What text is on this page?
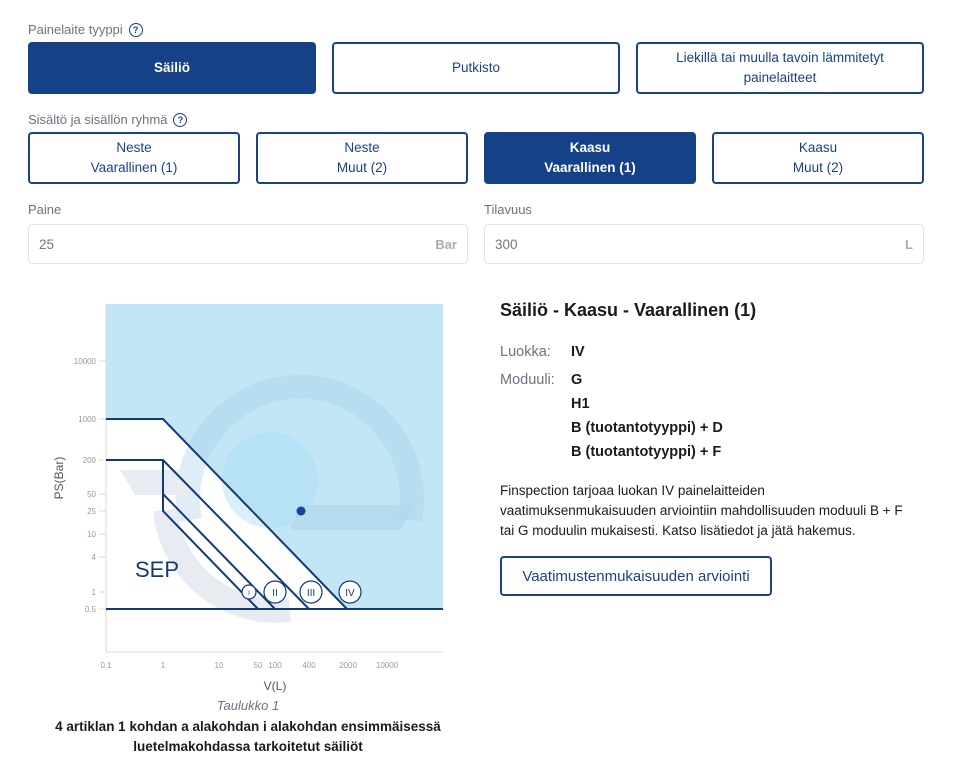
Painelaite tyyppi	?
Säiliö	Putkisto
Liekillä tai muulla tavoin lämmitetyt
painelaitteet
Sisältö ja sisällön ryhmä	?
Neste
Vaarallinen (1)
Neste
Muut (2)
Kaasu
Vaarallinen (1)
Kaasu
Muut (2)
Paine
25	Bar
Tilavuus
300	L
10000
1000
200
50
25
10
4
1
0.5
0.1	1	10	50 100	400	2000 10000
V(L)
PS(Bar)
SEP
I II	III	IV
Taulukko 1
4 artiklan 1 kohdan a alakohdan i alakohdan ensimmäisessä luetelmakohdassa tarkoitetut säiliöt
Säiliö - Kaasu - Vaarallinen (1)
Luokka:	IV
Moduuli:	G
H1
B (tuotantotyyppi) + D
B (tuotantotyyppi) + F
Finspection tarjoaa luokan IV painelaitteiden vaatimuksenmukaisuuden arviointiin mahdollisuuden moduuli B + F tai G moduulin mukaisesti. Katso lisätiedot ja jätä hakemus.
Vaatimustenmukaisuuden arviointi
